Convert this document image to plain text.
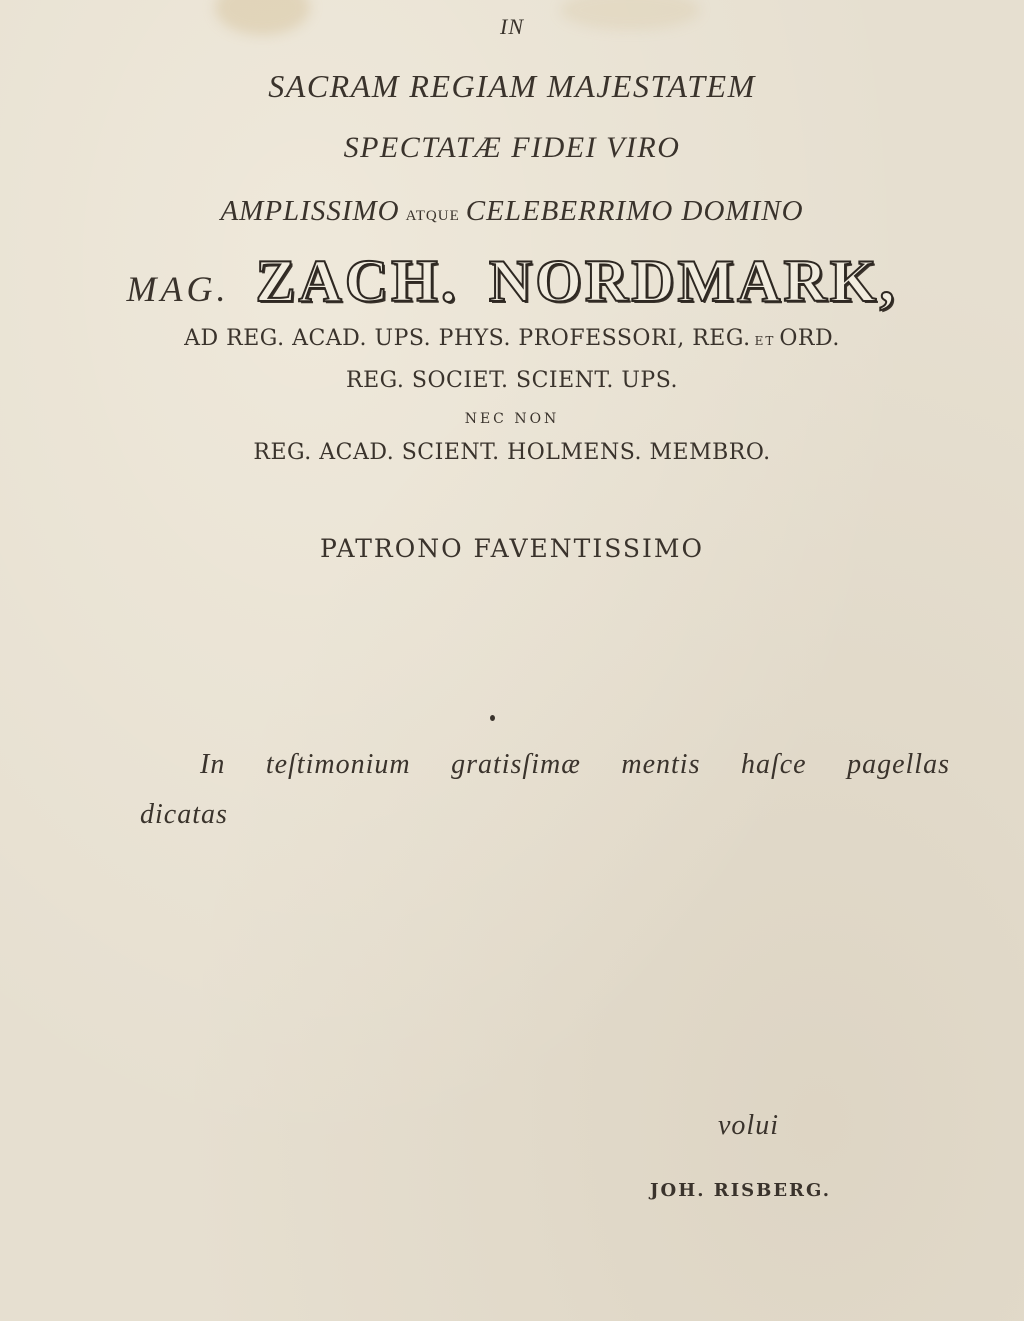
IN
SACRAM REGIAM MAJESTATEM
SPECTATÆ FIDEI VIRO
AMPLISSIMO ATQUE CELEBERRIMO DOMINO
MAG. ZACH. NORDMARK,
AD REG. ACAD. UPS. PHYS. PROFESSORI, REG. ET ORD.
REG. SOCIET. SCIENT. UPS.
NEC NON
REG. ACAD. SCIENT. HOLMENS. MEMBRO.
PATRONO FAVENTISSIMO
In teſtimonium gratisſimæ mentis haſce pagellas
dicatas
volui
JOH. RISBERG.
